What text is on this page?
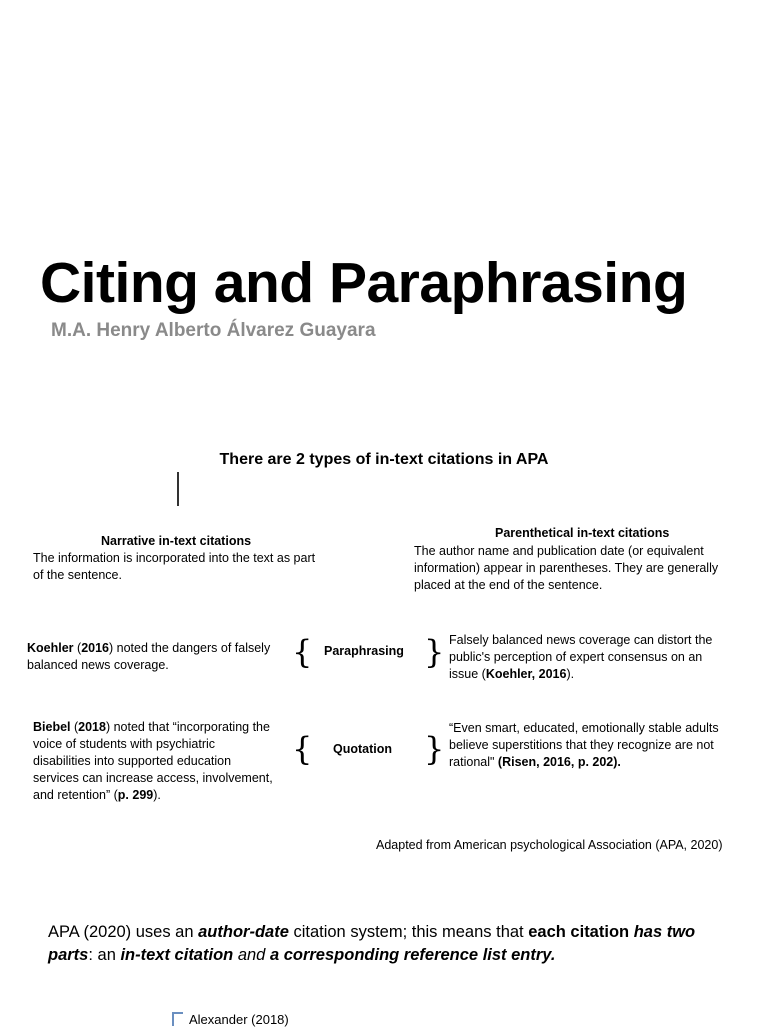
Citing and Paraphrasing

M.A. Henry Alberto Álvarez Guayara

There are 2 types of in-text citations in APA
Narrative in-text citations
The information is incorporated into the text as part of the sentence.
Parenthetical in-text citations
The author name and publication date (or equivalent information) appear in parentheses. They are generally placed at the end of the sentence.
Koehler (2016) noted the dangers of falsely balanced news coverage.	{ Paraphrasing } Falsely balanced news coverage can distort the public's perception of expert consensus on an issue (Koehler, 2016).
Biebel (2018) noted that “incorporating the voice of students with psychiatric disabilities into supported education services can increase access, involvement, and retention” (p. 299).
{ Quotation }
“Even smart, educated, emotionally stable adults believe superstitions that they recognize are not rational" (Risen, 2016, p. 202).
Adapted from American psychological Association (APA, 2020)

APA (2020) uses an author-date citation system; this means that each citation has two parts: an in-text citation and a corresponding reference list entry.

Alexander (2018)
